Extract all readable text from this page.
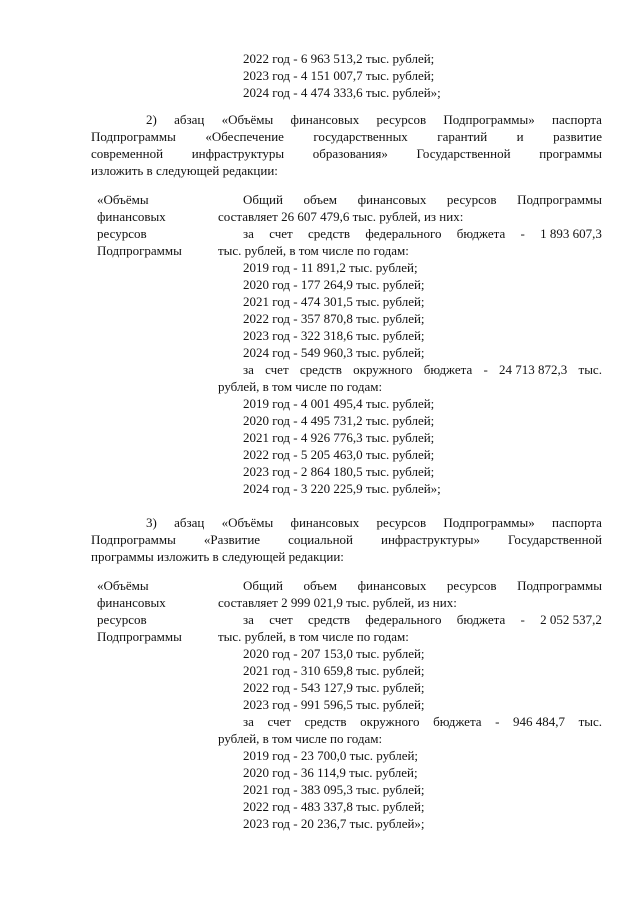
2022 год - 6 963 513,2 тыс. рублей;
2023 год - 4 151 007,7 тыс. рублей;
2024 год - 4 474 333,6 тыс. рублей»;
2) абзац «Объёмы финансовых ресурсов Подпрограммы» паспорта
Подпрограммы «Обеспечение государственных гарантий и развитие
современной инфраструктуры образования» Государственной программы
изложить в следующей редакции:
«Объёмы
финансовых
ресурсов
Подпрограммы
Общий объем финансовых ресурсов Подпрограммы
составляет 26 607 479,6 тыс. рублей, из них:
за счет средств федерального бюджета - 1 893 607,3
тыс. рублей, в том числе по годам:
2019 год - 11 891,2 тыс. рублей;
2020 год - 177 264,9 тыс. рублей;
2021 год - 474 301,5 тыс. рублей;
2022 год - 357 870,8 тыс. рублей;
2023 год - 322 318,6 тыс. рублей;
2024 год - 549 960,3 тыс. рублей;
за счет средств окружного бюджета - 24 713 872,3 тыс.
рублей, в том числе по годам:
2019 год - 4 001 495,4 тыс. рублей;
2020 год - 4 495 731,2 тыс. рублей;
2021 год - 4 926 776,3 тыс. рублей;
2022 год - 5 205 463,0 тыс. рублей;
2023 год - 2 864 180,5 тыс. рублей;
2024 год - 3 220 225,9 тыс. рублей»;
3) абзац «Объёмы финансовых ресурсов Подпрограммы» паспорта
Подпрограммы «Развитие социальной инфраструктуры» Государственной
программы изложить в следующей редакции:
«Объёмы
финансовых
ресурсов
Подпрограммы
Общий объем финансовых ресурсов Подпрограммы
составляет 2 999 021,9 тыс. рублей, из них:
за счет средств федерального бюджета - 2 052 537,2
тыс. рублей, в том числе по годам:
2020 год - 207 153,0 тыс. рублей;
2021 год - 310 659,8 тыс. рублей;
2022 год - 543 127,9 тыс. рублей;
2023 год - 991 596,5 тыс. рублей;
за счет средств окружного бюджета - 946 484,7 тыс.
рублей, в том числе по годам:
2019 год - 23 700,0 тыс. рублей;
2020 год - 36 114,9 тыс. рублей;
2021 год - 383 095,3 тыс. рублей;
2022 год - 483 337,8 тыс. рублей;
2023 год - 20 236,7 тыс. рублей»;
